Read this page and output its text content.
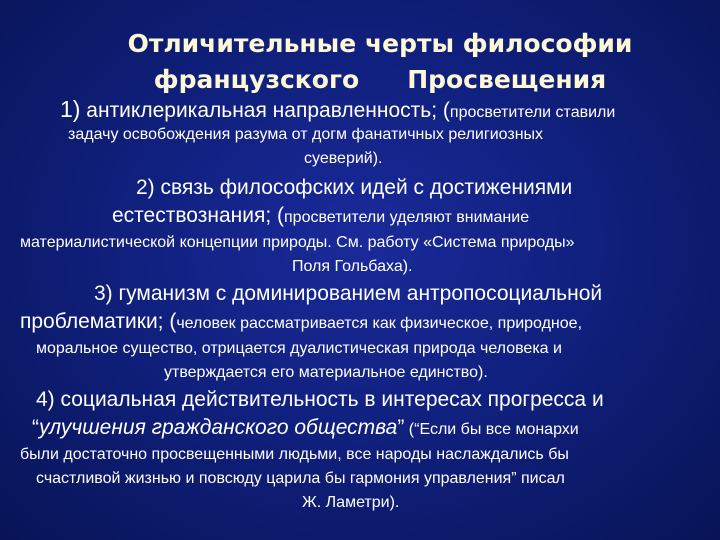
Отличительные черты философии
французского Просвещения
1) антиклерикальная направленность; (просветители ставили
задачу освобождения разума от догм фанатичных религиозных
суеверий).
2) связь философских идей с достижениями
естествознания; (просветители уделяют внимание
материалистической концепции природы. См. работу «Система природы»
Поля Гольбаха).
3) гуманизм с доминированием антропосоциальной
проблематики; (человек рассматривается как физическое, природное,
моральное существо, отрицается дуалистическая природа человека и
утверждается его материальное единство).
4) социальная действительность в интересах прогресса и
“улучшения гражданского общества” (“Если бы все монархи
были достаточно просвещенными людьми, все народы наслаждались бы
счастливой жизнью и повсюду царила бы гармония управления” писал
Ж. Ламетри).
